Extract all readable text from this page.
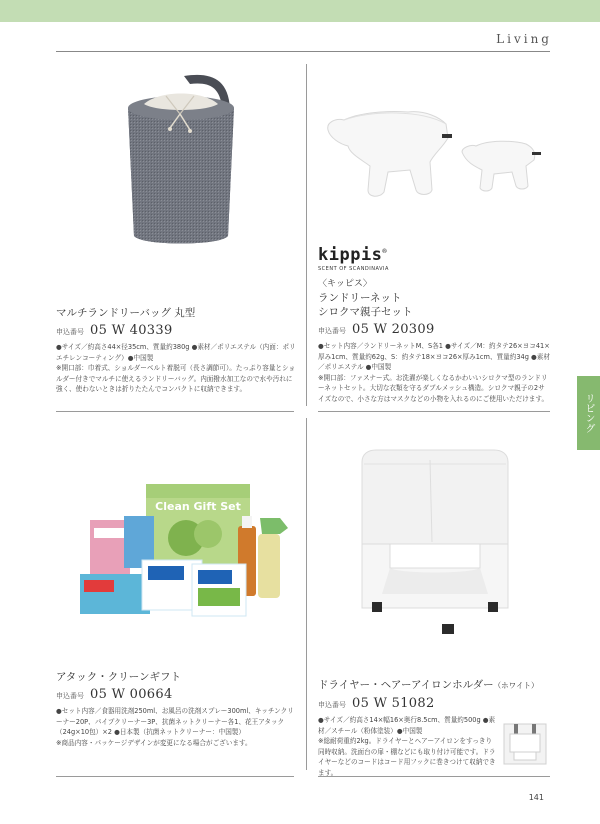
Living
リビング

マルチランドリーバッグ 丸型

申込番号 05 W 40339

●サイズ／約高さ44×径35cm、質量約380g ●素材／ポリエステル（内面：ポリエチレンコーティング）●中国製

※開口部：巾着式、ショルダーベルト着脱可（長さ調節可）。たっぷり容量とショルダー付きでマルチに使えるランドリーバッグ。内面撥水加工なので水や汚れに強く、使わないときは折りたたんでコンパクトに収納できます。

kippis®
SCENT OF SCANDINAVIA

〈キッピス〉

ランドリーネット

シロクマ親子セット

申込番号 05 W 20309

●セット内容／ランドリーネットM、S各1 ●サイズ／M：約タテ26×ヨコ41×厚み1cm、質量約62g、S：約タテ18×ヨコ26×厚み1cm、質量約34g ●素材／ポリエステル ●中国製

※開口部：ファスナー式。お洗濯が楽しくなるかわいいシロクマ型のランドリーネットセット。大切な衣類を守るダブルメッシュ構造。シロクマ親子の2サイズなので、小さな方はマスクなどの小物を入れるのにご使用いただけます。

Clean Gift Set

アタック・クリーンギフト

申込番号 05 W 00664

●セット内容／食器用洗剤250ml、お風呂の洗剤スプレー300ml、キッチンクリーナー20P、パイプクリーナー3P、抗菌ネットクリーナー各1、花王アタック（24g×10包）×2 ●日本製（抗菌ネットクリーナー：中国製）

※商品内容・パッケージデザインが変更になる場合がございます。

ドライヤー・ヘアーアイロンホルダー（ホワイト）

申込番号 05 W 51082

●サイズ／約高さ14×幅16×奥行8.5cm、質量約500g ●素材／スチール（粉体塗装）●中国製

※総耐荷重約2kg。ドライヤーとヘアーアイロンをすっきり同時収納。洗面台の扉・棚などにも取り付け可能です。ドライヤーなどのコードはコード用フックに巻きつけて収納できます。

141
